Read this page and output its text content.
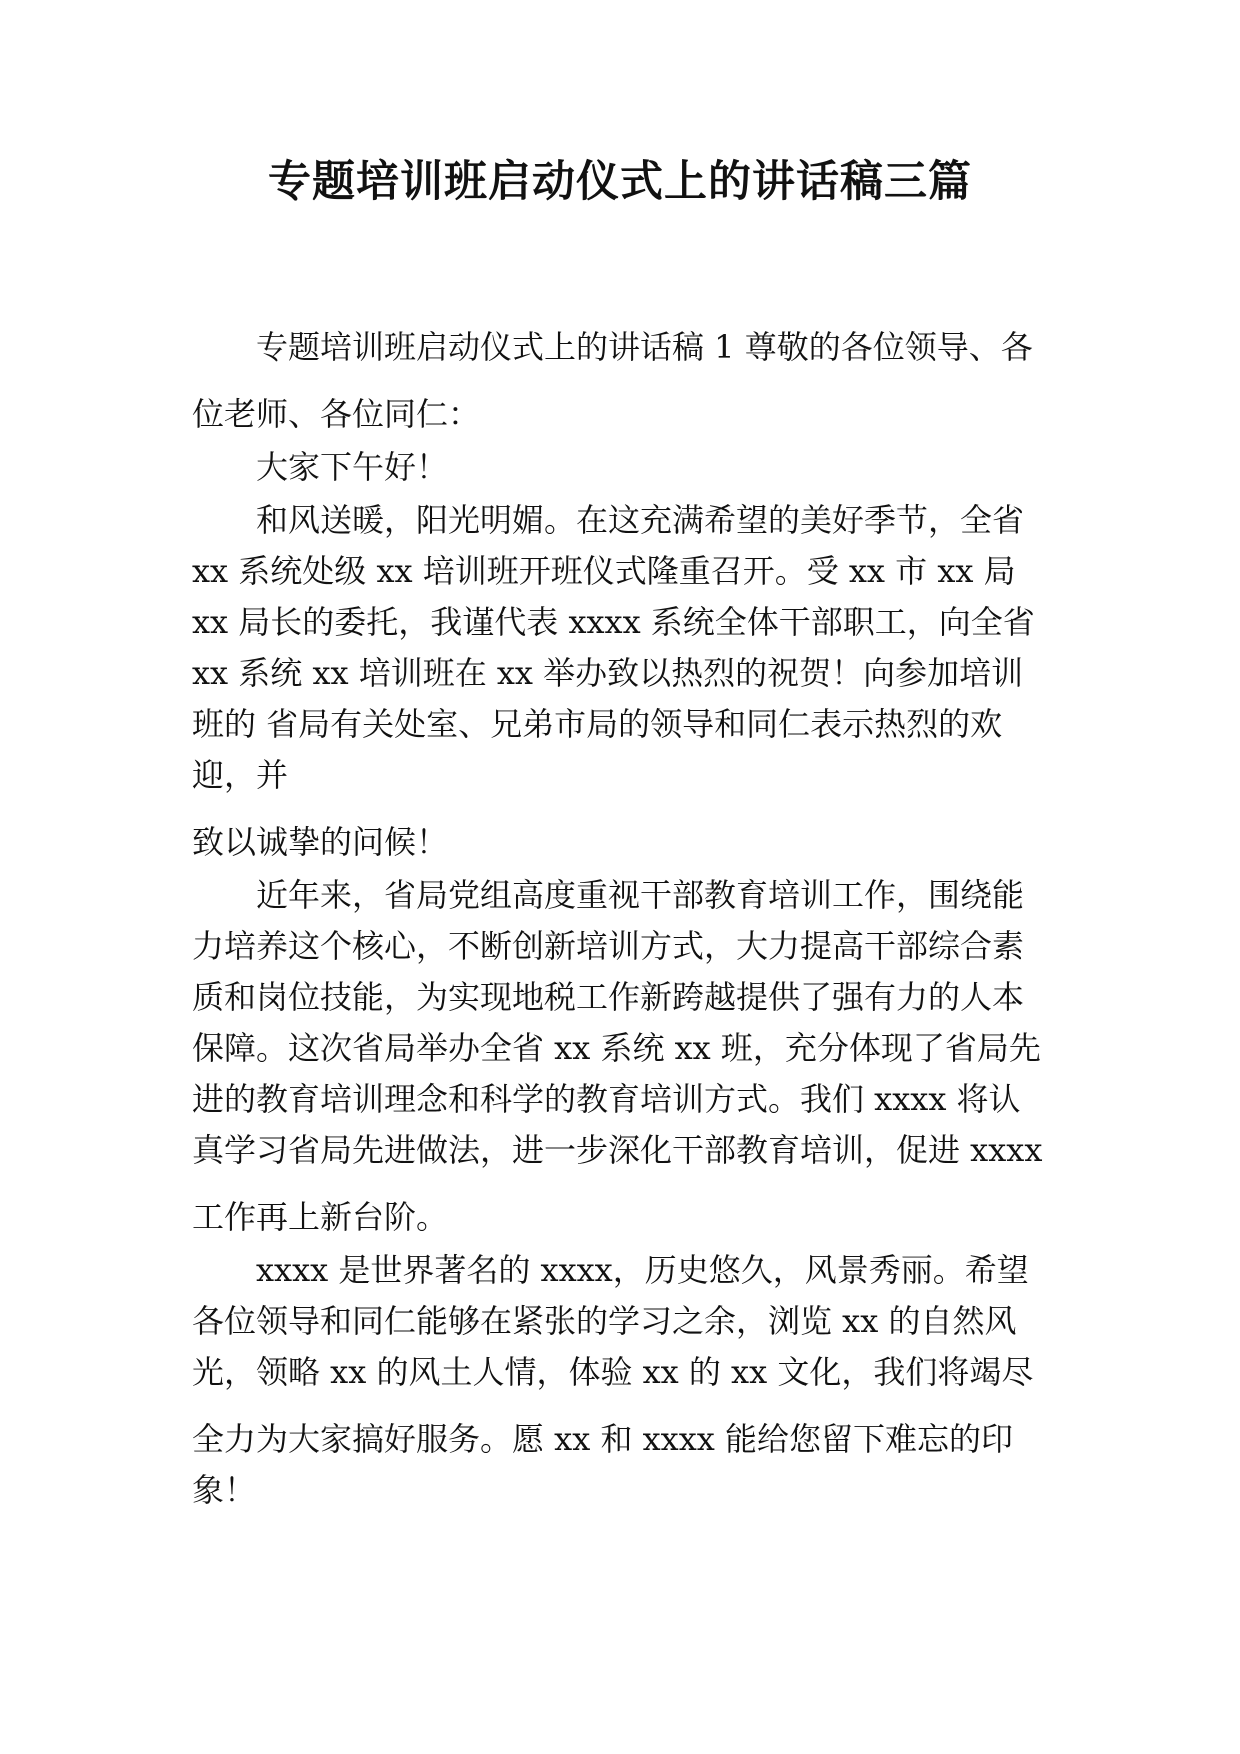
专题培训班启动仪式上的讲话稿三篇

专题培训班启动仪式上的讲话稿 1 尊敬的各位领导、各

位老师、各位同仁：

大家下午好！

和风送暖，阳光明媚。在这充满希望的美好季节，全省 xx 系统处级 xx 培训班开班仪式隆重召开。受 xx 市 xx 局 xx 局长的委托，我谨代表 xxxx 系统全体干部职工，向全省 xx 系统 xx 培训班在 xx 举办致以热烈的祝贺！向参加培训班的 省局有关处室、兄弟市局的领导和同仁表示热烈的欢迎，并

致以诚挚的问候！

近年来，省局党组高度重视干部教育培训工作，围绕能力培养这个核心，不断创新培训方式，大力提高干部综合素质和岗位技能，为实现地税工作新跨越提供了强有力的人本保障。这次省局举办全省 xx 系统 xx 班，充分体现了省局先 进的教育培训理念和科学的教育培训方式。我们 xxxx 将认 真学习省局先进做法，进一步深化干部教育培训，促进 xxxx

工作再上新台阶。

xxxx 是世界著名的 xxxx，历史悠久，风景秀丽。希望 各位领导和同仁能够在紧张的学习之余，浏览 xx 的自然风 光，领略 xx 的风土人情，体验 xx 的 xx 文化，我们将竭尽

全力为大家搞好服务。愿 xx 和 xxxx 能给您留下难忘的印象！
